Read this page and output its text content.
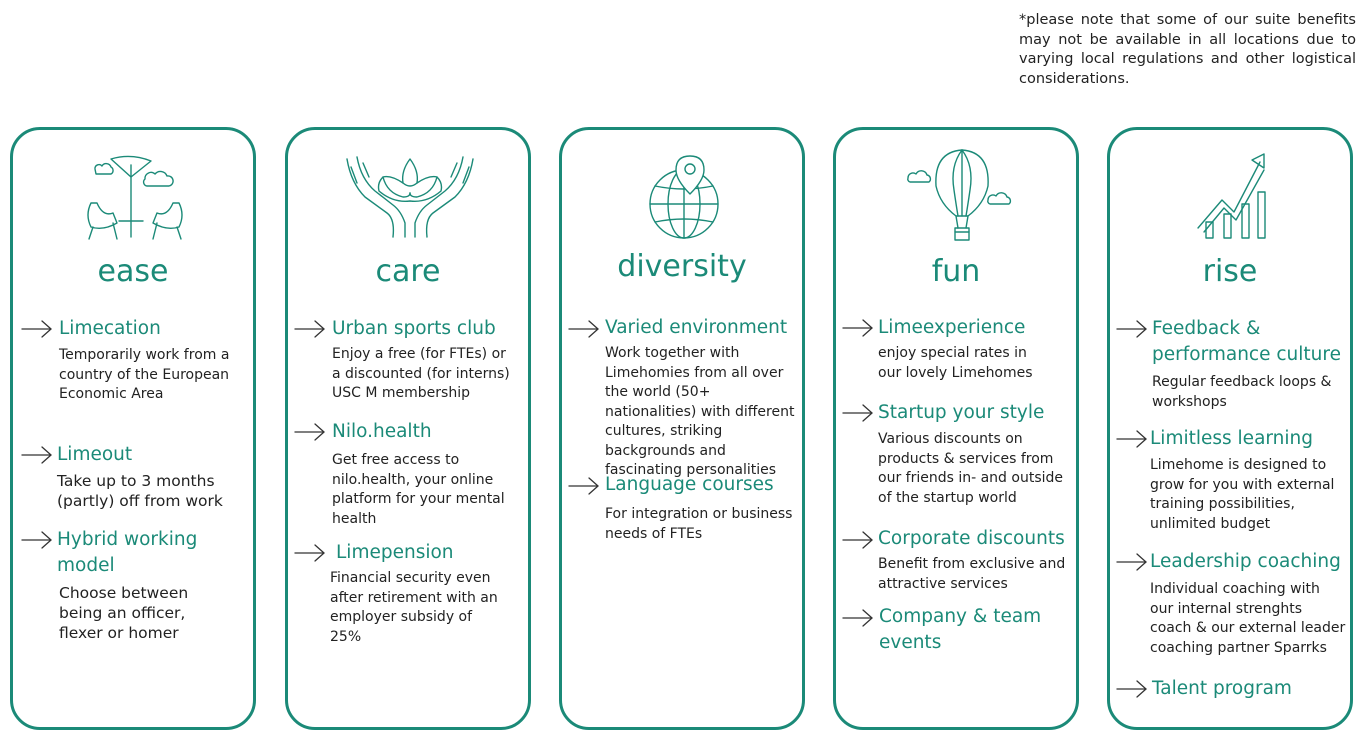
*please note that some of our suite benefits may not be available in all locations due to varying local regulations and other logistical considerations.
ease
Limecation
Temporarily work from a country of the European Economic Area
Limeout
Take up to 3 months (partly) off from work
Hybrid working model
Choose between being an officer, flexer or homer
care
Urban sports club
Enjoy a free (for FTEs) or a discounted (for interns) USC M membership
Nilo.health
Get free access to nilo.health, your online platform for your mental health
Limepension
Financial security even after retirement with an employer subsidy of 25%
diversity
Varied environment
Work together with Limehomies from all over the world (50+ nationalities) with different cultures, striking backgrounds and fascinating personalities
Language courses
For integration or business needs of FTEs
fun
Limeexperience
enjoy special rates in our lovely Limehomes
Startup your style
Various discounts on products & services from our friends in- and outside of the startup world
Corporate discounts
Benefit from exclusive and attractive services
Company & team events
rise
Feedback & performance culture
Regular feedback loops & workshops
Limitless learning
Limehome is designed to grow for you with external training possibilities, unlimited budget
Leadership coaching
Individual coaching with our internal strenghts coach & our external leader coaching partner Sparrks
Talent program
